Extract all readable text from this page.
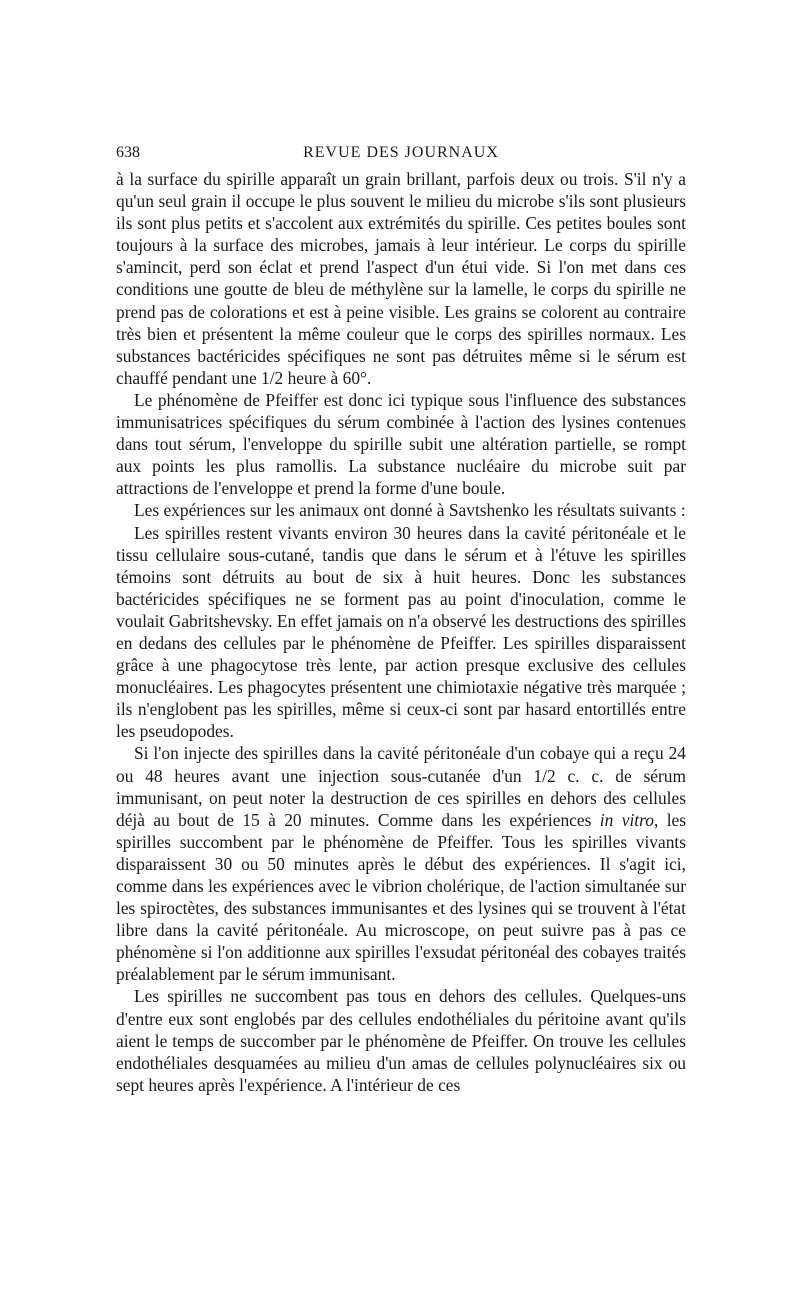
638	REVUE DES JOURNAUX

à la surface du spirille apparaît un grain brillant, parfois deux ou trois. S'il n'y a qu'un seul grain il occupe le plus souvent le milieu du microbe s'ils sont plusieurs ils sont plus petits et s'accolent aux extrémités du spirille. Ces petites boules sont toujours à la surface des microbes, jamais à leur intérieur. Le corps du spirille s'amincit, perd son éclat et prend l'aspect d'un étui vide. Si l'on met dans ces conditions une goutte de bleu de méthylène sur la lamelle, le corps du spirille ne prend pas de colorations et est à peine visible. Les grains se colorent au contraire très bien et présentent la même couleur que le corps des spirilles normaux. Les substances bactéricides spécifiques ne sont pas détruites même si le sérum est chauffé pendant une 1/2 heure à 60°.

Le phénomène de Pfeiffer est donc ici typique sous l'influence des substances immunisatrices spécifiques du sérum combinée à l'action des lysines contenues dans tout sérum, l'enveloppe du spirille subit une altération partielle, se rompt aux points les plus ramollis. La substance nucléaire du microbe suit par attractions de l'enveloppe et prend la forme d'une boule.

Les expériences sur les animaux ont donné à Savtshenko les résultats suivants :

Les spirilles restent vivants environ 30 heures dans la cavité péritonéale et le tissu cellulaire sous-cutané, tandis que dans le sérum et à l'étuve les spirilles témoins sont détruits au bout de six à huit heures. Donc les substances bactéricides spécifiques ne se forment pas au point d'inoculation, comme le voulait Gabritshevsky. En effet jamais on n'a observé les destructions des spirilles en dedans des cellules par le phénomène de Pfeiffer. Les spirilles disparaissent grâce à une phagocytose très lente, par action presque exclusive des cellules monucléaires. Les phagocytes présentent une chimiotaxie négative très marquée ; ils n'englobent pas les spirilles, même si ceux-ci sont par hasard entortillés entre les pseudopodes.

Si l'on injecte des spirilles dans la cavité péritonéale d'un cobaye qui a reçu 24 ou 48 heures avant une injection sous-cutanée d'un 1/2 c. c. de sérum immunisant, on peut noter la destruction de ces spirilles en dehors des cellules déjà au bout de 15 à 20 minutes. Comme dans les expériences in vitro, les spirilles succombent par le phénomène de Pfeiffer. Tous les spirilles vivants disparaissent 30 ou 50 minutes après le début des expériences. Il s'agit ici, comme dans les expériences avec le vibrion cholérique, de l'action simultanée sur les spiroctètes, des substances immunisantes et des lysines qui se trouvent à l'état libre dans la cavité péritonéale. Au microscope, on peut suivre pas à pas ce phénomène si l'on additionne aux spirilles l'exsudat péritonéal des cobayes traités préalablement par le sérum immunisant.

Les spirilles ne succombent pas tous en dehors des cellules. Quelques-uns d'entre eux sont englobés par des cellules endothéliales du péritoine avant qu'ils aient le temps de succomber par le phénomène de Pfeiffer. On trouve les cellules endothéliales desquamées au milieu d'un amas de cellules polynucléaires six ou sept heures après l'expérience. A l'intérieur de ces
